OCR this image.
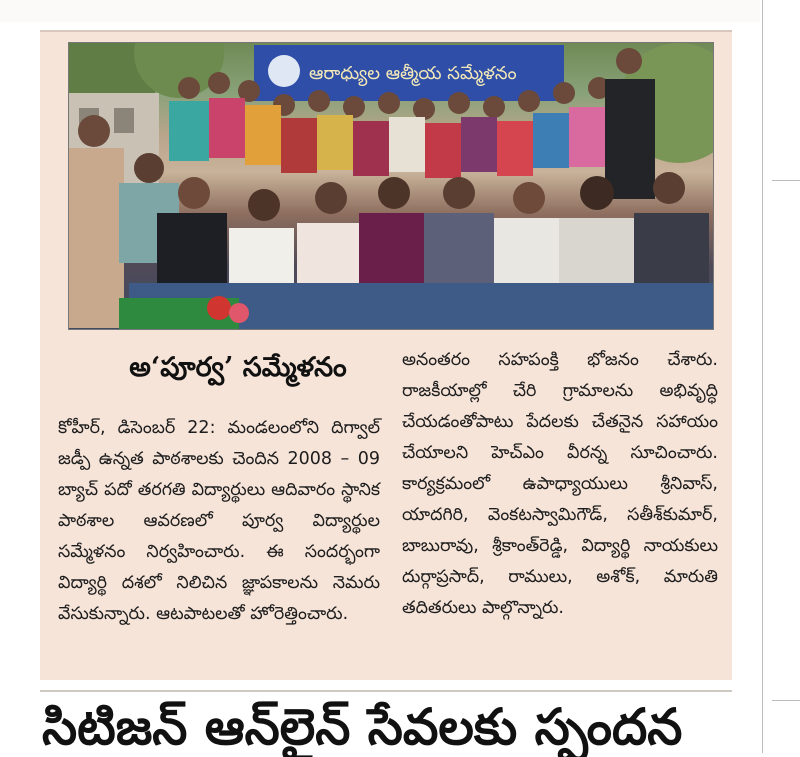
ఆరాధ్యుల ఆత్మీయ సమ్మేళనం
అ‘పూర్వ’ సమ్మేళనం
కోహీర్, డిసెంబర్ 22: మండలంలోని దిగ్వాల్ జడ్పీ ఉన్నత పాఠశాలకు చెందిన 2008 – 09 బ్యాచ్ పదో తరగతి విద్యార్థులు ఆదివారం స్థానిక పాఠశాల ఆవరణలో పూర్వ విద్యార్థుల సమ్మేళనం నిర్వహించారు. ఈ సందర్భంగా విద్యార్థి దశలో నిలిచిన జ్ఞాపకాలను నెమరు వేసుకున్నారు. ఆటపాటలతో హోరెత్తించారు.
అనంతరం సహపంక్తి భోజనం చేశారు. రాజకీయాల్లో చేరి గ్రామాలను అభివృద్ధి చేయడంతోపాటు పేదలకు చేతనైన సహాయం చేయాలని హెచ్ఎం వీరన్న సూచించారు. కార్యక్రమంలో ఉపాధ్యాయులు శ్రీనివాస్, యాదగిరి, వెంకటస్వామిగౌడ్, సతీశ్‌కుమార్, బాబురావు, శ్రీకాంత్‌రెడ్డి, విద్యార్థి నాయకులు దుర్గాప్రసాద్, రాములు, అశోక్, మారుతి తదితరులు పాల్గొన్నారు.
సిటిజన్ ఆన్‌లైన్ సేవలకు స్పందన
